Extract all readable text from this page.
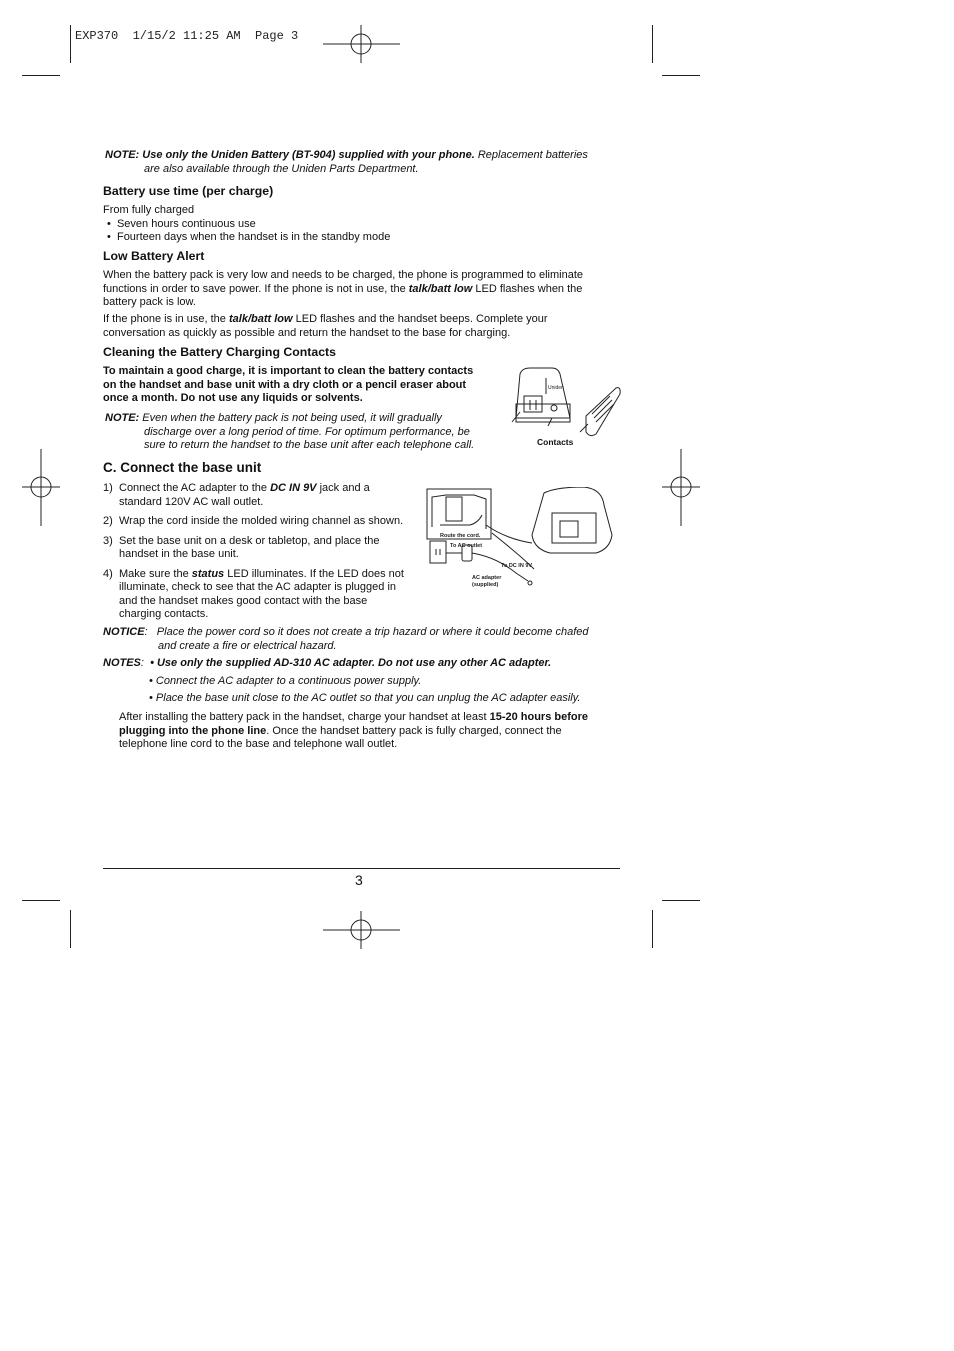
EXP370  1/15/2 11:25 AM  Page 3
NOTE: Use only the Uniden Battery (BT-904) supplied with your phone. Replacement batteries
are also available through the Uniden Parts Department.
Battery use time (per charge)
From fully charged
•  Seven hours continuous use
•  Fourteen days when the handset is in the standby mode
Low Battery Alert
When the battery pack is very low and needs to be charged, the phone is programmed to eliminate
functions in order to save power. If the phone is not in use, the talk/batt low LED flashes when the
battery pack is low.
If the phone is in use, the talk/batt low LED flashes and the handset beeps. Complete your
conversation as quickly as possible and return the handset to the base for charging.
Cleaning the Battery Charging Contacts
To maintain a good charge, it is important to clean the battery contacts
on the handset and base unit with a dry cloth or a pencil eraser about
once a month. Do not use any liquids or solvents.
NOTE: Even when the battery pack is not being used, it will gradually
discharge over a long period of time. For optimum performance, be
sure to return the handset to the base unit after each telephone call.
Uniden
Contacts
C. Connect the base unit
1) Connect the AC adapter to the DC IN 9V jack and a
standard 120V AC wall outlet.
2) Wrap the cord inside the molded wiring channel as shown.
3) Set the base unit on a desk or tabletop, and place the
handset in the base unit.
4) Make sure the status LED illuminates. If the LED does not
illuminate, check to see that the AC adapter is plugged in
and the handset makes good contact with the base
charging contacts.
Route the cord.
To AC outlet
To DC IN 9V
AC adapter
(supplied)
NOTICE:   Place the power cord so it does not create a trip hazard or where it could become chafed
and create a fire or electrical hazard.
NOTES:  • Use only the supplied AD-310 AC adapter. Do not use any other AC adapter.
• Connect the AC adapter to a continuous power supply.
• Place the base unit close to the AC outlet so that you can unplug the AC adapter easily.
After installing the battery pack in the handset, charge your handset at least 15-20 hours before
plugging into the phone line. Once the handset battery pack is fully charged, connect the
telephone line cord to the base and telephone wall outlet.
3
